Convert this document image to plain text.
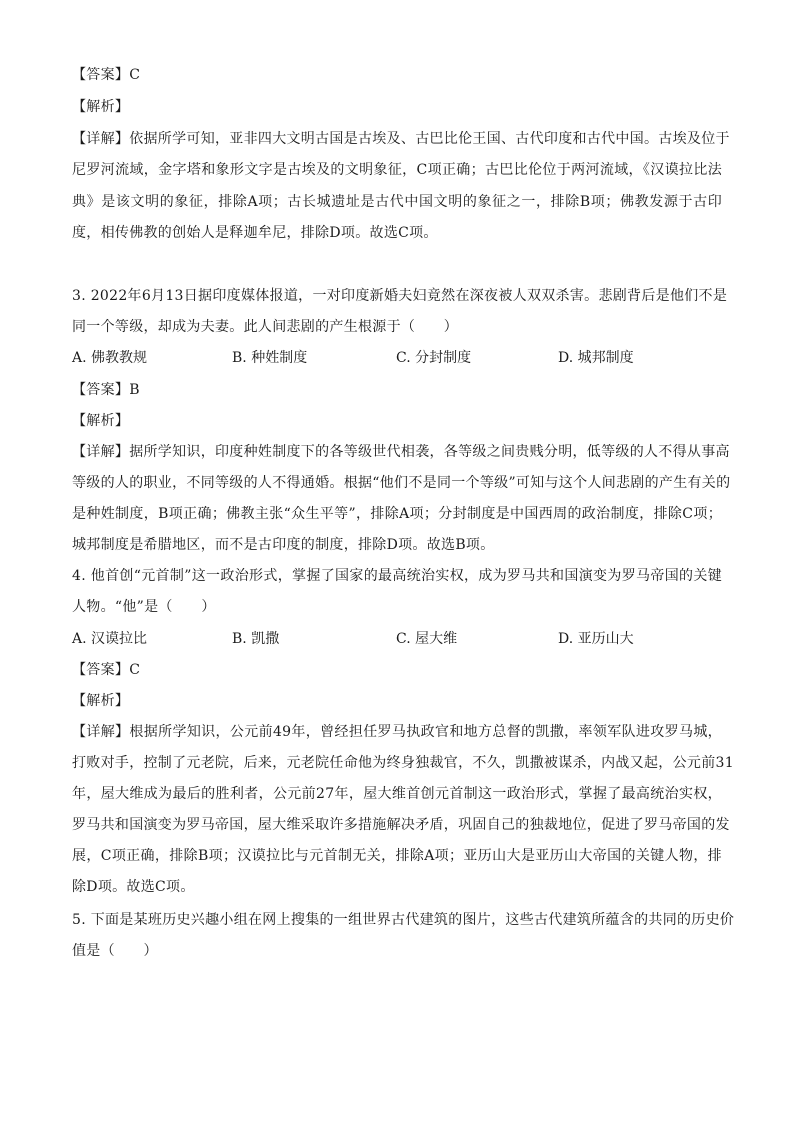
【答案】C
【解析】
【详解】依据所学可知，亚非四大文明古国是古埃及、古巴比伦王国、古代印度和古代中国。古埃及位于
尼罗河流域，金字塔和象形文字是古埃及的文明象征，C项正确；古巴比伦位于两河流域，《汉谟拉比法
典》是该文明的象征，排除A项；古长城遗址是古代中国文明的象征之一，排除B项；佛教发源于古印
度，相传佛教的创始人是释迦牟尼，排除D项。故选C项。
3. 2022年6月13日据印度媒体报道，一对印度新婚夫妇竟然在深夜被人双双杀害。悲剧背后是他们不是
同一个等级，却成为夫妻。此人间悲剧的产生根源于（　　）
A. 佛教教规	B. 种姓制度	C. 分封制度	D. 城邦制度
【答案】B
【解析】
【详解】据所学知识，印度种姓制度下的各等级世代相袭，各等级之间贵贱分明，低等级的人不得从事高
等级的人的职业，不同等级的人不得通婚。根据“他们不是同一个等级”可知与这个人间悲剧的产生有关的
是种姓制度，B项正确；佛教主张“众生平等”，排除A项；分封制度是中国西周的政治制度，排除C项；
城邦制度是希腊地区，而不是古印度的制度，排除D项。故选B项。
4. 他首创“元首制”这一政治形式，掌握了国家的最高统治实权，成为罗马共和国演变为罗马帝国的关键
人物。“他”是（　　）
A. 汉谟拉比	B. 凯撒	C. 屋大维	D. 亚历山大
【答案】C
【解析】
【详解】根据所学知识，公元前49年，曾经担任罗马执政官和地方总督的凯撒，率领军队进攻罗马城，
打败对手，控制了元老院，后来，元老院任命他为终身独裁官，不久，凯撒被谋杀，内战又起，公元前31
年，屋大维成为最后的胜利者，公元前27年，屋大维首创元首制这一政治形式，掌握了最高统治实权，
罗马共和国演变为罗马帝国，屋大维采取许多措施解决矛盾，巩固自己的独裁地位，促进了罗马帝国的发
展，C项正确，排除B项；汉谟拉比与元首制无关，排除A项；亚历山大是亚历山大帝国的关键人物，排
除D项。故选C项。
5. 下面是某班历史兴趣小组在网上搜集的一组世界古代建筑的图片，这些古代建筑所蕴含的共同的历史价
值是（　　）
